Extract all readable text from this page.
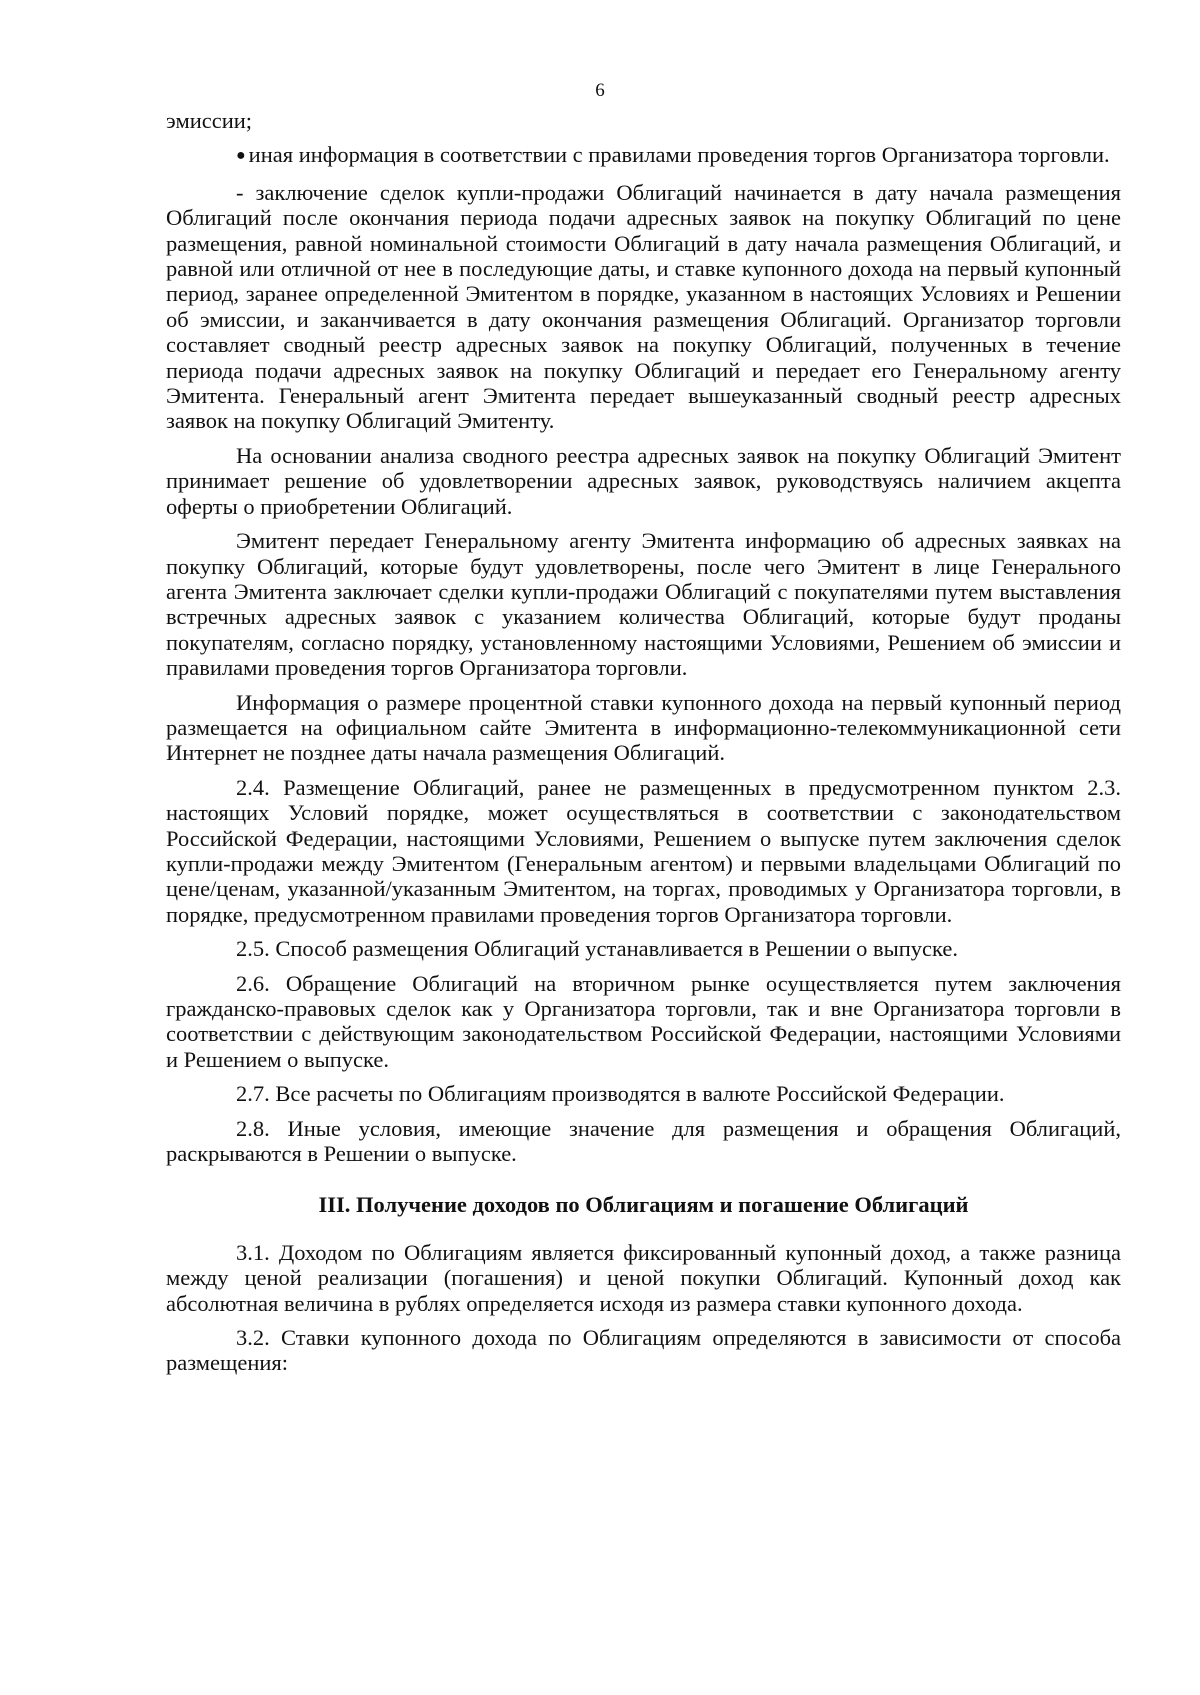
6

эмиссии;

● иная информация в соответствии с правилами проведения торгов Организатора торговли.

- заключение сделок купли-продажи Облигаций начинается в дату начала размещения Облигаций после окончания периода подачи адресных заявок на покупку Облигаций по цене размещения, равной номинальной стоимости Облигаций в дату начала размещения Облигаций, и равной или отличной от нее в последующие даты, и ставке купонного дохода на первый купонный период, заранее определенной Эмитентом в порядке, указанном в настоящих Условиях и Решении об эмиссии, и заканчивается в дату окончания размещения Облигаций. Организатор торговли составляет сводный реестр адресных заявок на покупку Облигаций, полученных в течение периода подачи адресных заявок на покупку Облигаций и передает его Генеральному агенту Эмитента. Генеральный агент Эмитента передает вышеуказанный сводный реестр адресных заявок на покупку Облигаций Эмитенту.

На основании анализа сводного реестра адресных заявок на покупку Облигаций Эмитент принимает решение об удовлетворении адресных заявок, руководствуясь наличием акцепта оферты о приобретении Облигаций.

Эмитент передает Генеральному агенту Эмитента информацию об адресных заявках на покупку Облигаций, которые будут удовлетворены, после чего Эмитент в лице Генерального агента Эмитента заключает сделки купли-продажи Облигаций с покупателями путем выставления встречных адресных заявок с указанием количества Облигаций, которые будут проданы покупателям, согласно порядку, установленному настоящими Условиями, Решением об эмиссии и правилами проведения торгов Организатора торговли.

Информация о размере процентной ставки купонного дохода на первый купонный период размещается на официальном сайте Эмитента в информационно-телекоммуникационной сети Интернет не позднее даты начала размещения Облигаций.

2.4. Размещение Облигаций, ранее не размещенных в предусмотренном пунктом 2.3. настоящих Условий порядке, может осуществляться в соответствии с законодательством Российской Федерации, настоящими Условиями, Решением о выпуске путем заключения сделок купли-продажи между Эмитентом (Генеральным агентом) и первыми владельцами Облигаций по цене/ценам, указанной/указанным Эмитентом, на торгах, проводимых у Организатора торговли, в порядке, предусмотренном правилами проведения торгов Организатора торговли.

2.5. Способ размещения Облигаций устанавливается в Решении о выпуске.

2.6. Обращение Облигаций на вторичном рынке осуществляется путем заключения гражданско-правовых сделок как у Организатора торговли, так и вне Организатора торговли в соответствии с действующим законодательством Российской Федерации, настоящими Условиями и Решением о выпуске.

2.7. Все расчеты по Облигациям производятся в валюте Российской Федерации.

2.8. Иные условия, имеющие значение для размещения и обращения Облигаций, раскрываются в Решении о выпуске.

III. Получение доходов по Облигациям и погашение Облигаций

3.1. Доходом по Облигациям является фиксированный купонный доход, а также разница между ценой реализации (погашения) и ценой покупки Облигаций. Купонный доход как абсолютная величина в рублях определяется исходя из размера ставки купонного дохода.

3.2. Ставки купонного дохода по Облигациям определяются в зависимости от способа размещения:
